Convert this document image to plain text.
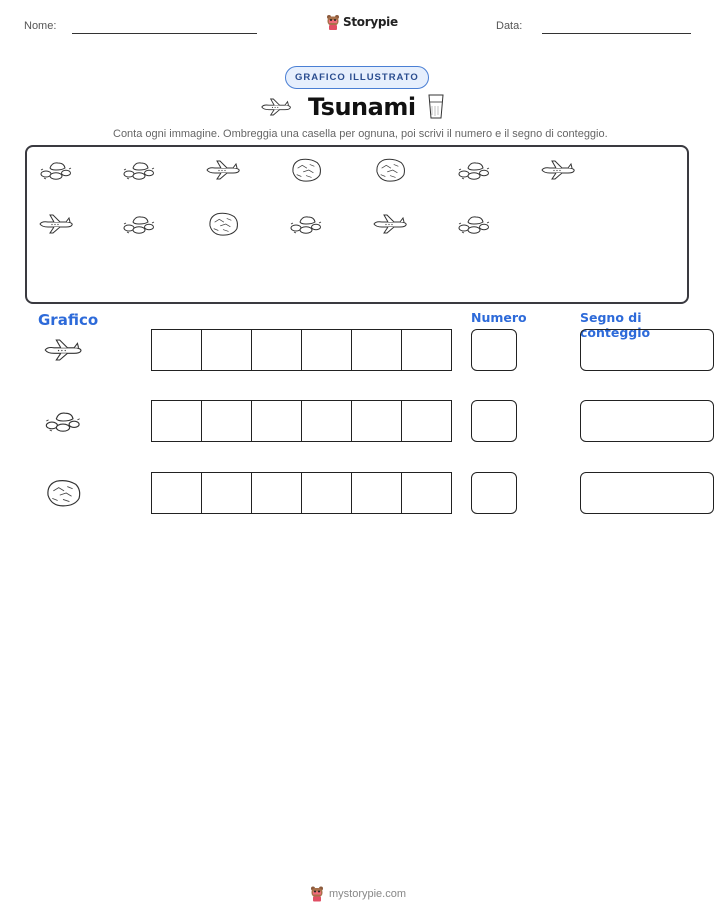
Nome:	Storypie	Data:
GRAFICO ILLUSTRATO
Tsunami
Conta ogni immagine. Ombreggia una casella per ognuna, poi scrivi il numero e il segno di conteggio.
Grafico	Numero	Segno di conteggio
mystorypie.com
